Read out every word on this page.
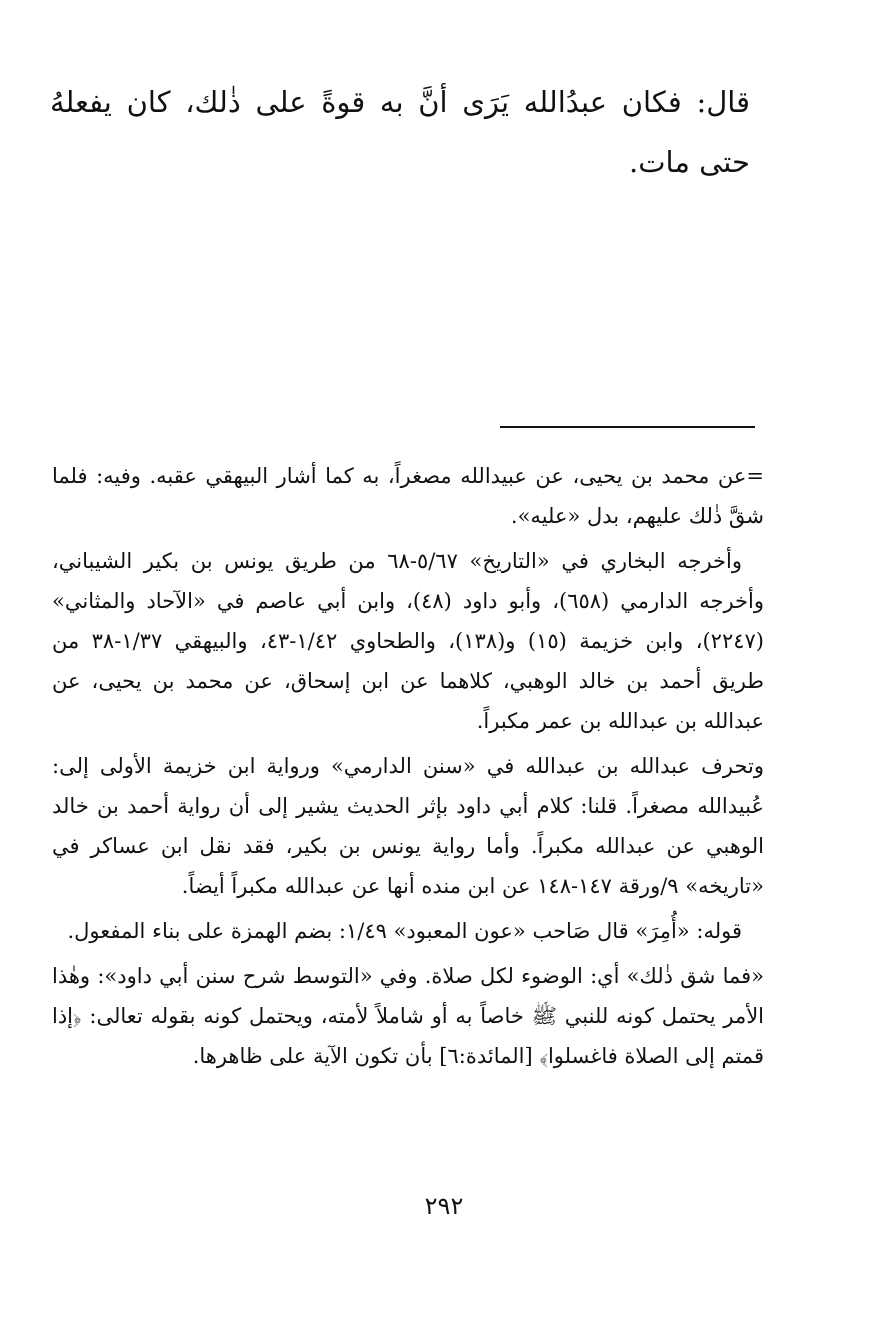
قال: فكان عبدُالله يَرَى أنَّ به قوةً على ذٰلك، كان يفعلهُ حتى مات.

=عن محمد بن يحيى، عن عبيدالله مصغراً، به كما أشار البيهقي عقبه. وفيه: فلما شقَّ ذٰلك عليهم، بدل «عليه».

وأخرجه البخاري في «التاريخ» ٥/٦٧-٦٨ من طريق يونس بن بكير الشيباني، وأخرجه الدارمي (٦٥٨)، وأبو داود (٤٨)، وابن أبي عاصم في «الآحاد والمثاني» (٢٢٤٧)، وابن خزيمة (١٥) و(١٣٨)، والطحاوي ١/٤٢-٤٣، والبيهقي ١/٣٧-٣٨ من طريق أحمد بن خالد الوهبي، كلاهما عن ابن إسحاق، عن محمد بن يحيى، عن عبدالله بن عبدالله بن عمر مكبراً.

وتحرف عبدالله بن عبدالله في «سنن الدارمي» ورواية ابن خزيمة الأولى إلى: عُبيدالله مصغراً. قلنا: كلام أبي داود بإثر الحديث يشير إلى أن رواية أحمد بن خالد الوهبي عن عبدالله مكبراً. وأما رواية يونس بن بكير، فقد نقل ابن عساكر في «تاريخه» ٩/ورقة ١٤٧-١٤٨ عن ابن منده أنها عن عبدالله مكبراً أيضاً.

قوله: «أُمِرَ» قال صَاحب «عون المعبود» ١/٤٩: بضم الهمزة على بناء المفعول.

«فما شق ذٰلك» أي: الوضوء لكل صلاة. وفي «التوسط شرح سنن أبي داود»: وهٰذا الأمر يحتمل كونه للنبي ﷺ خاصاً به أو شاملاً لأمته، ويحتمل كونه بقوله تعالى: ﴿إذا قمتم إلى الصلاة فاغسلوا﴾ [المائدة:٦] بأن تكون الآية على ظاهرها.

٢٩٢
